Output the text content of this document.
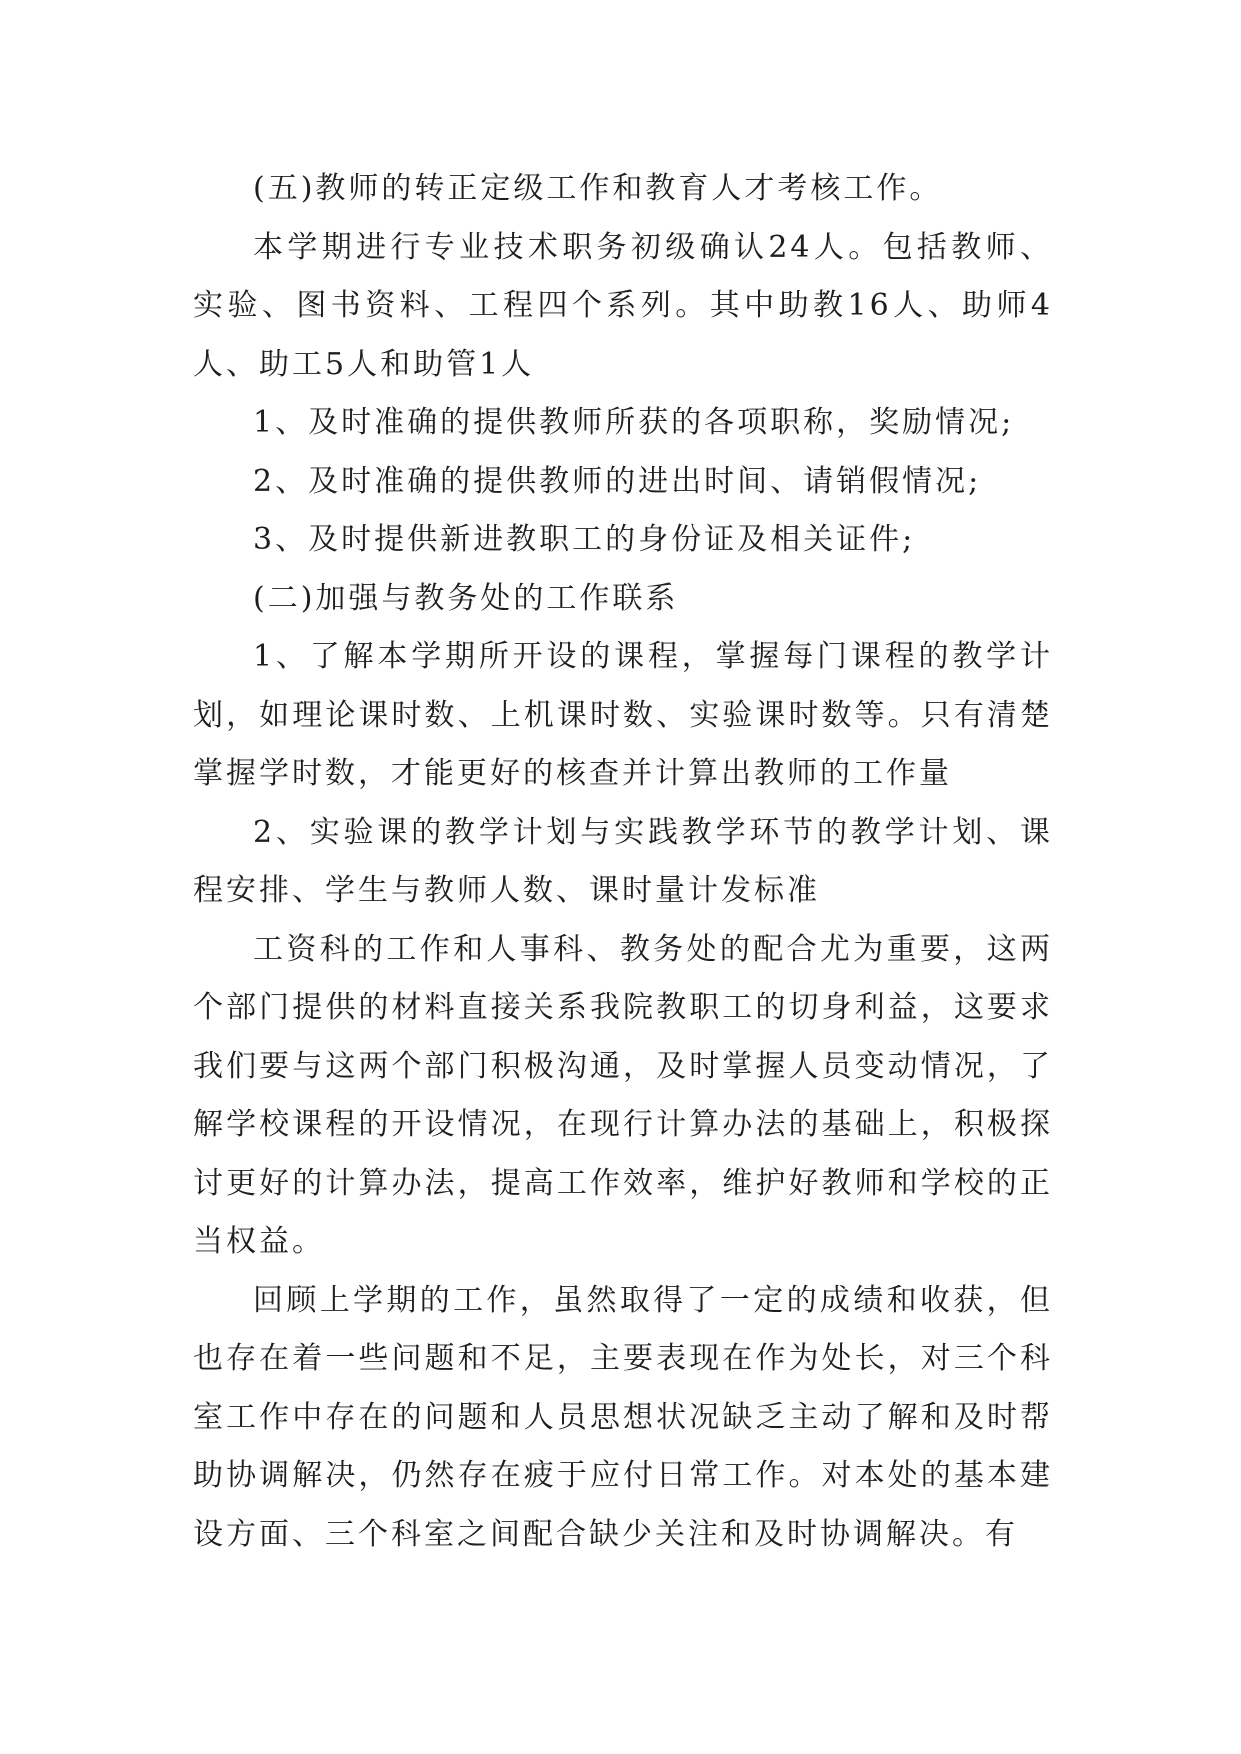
(五)教师的转正定级工作和教育人才考核工作。

本学期进行专业技术职务初级确认24人。包括教师、实验、图书资料、工程四个系列。其中助教16人、助师4人、助工5人和助管1人

1、及时准确的提供教师所获的各项职称，奖励情况;

2、及时准确的提供教师的进出时间、请销假情况;

3、及时提供新进教职工的身份证及相关证件;

(二)加强与教务处的工作联系

1、了解本学期所开设的课程，掌握每门课程的教学计划，如理论课时数、上机课时数、实验课时数等。只有清楚掌握学时数，才能更好的核查并计算出教师的工作量

2、实验课的教学计划与实践教学环节的教学计划、课程安排、学生与教师人数、课时量计发标准

工资科的工作和人事科、教务处的配合尤为重要，这两个部门提供的材料直接关系我院教职工的切身利益，这要求我们要与这两个部门积极沟通，及时掌握人员变动情况，了解学校课程的开设情况，在现行计算办法的基础上，积极探讨更好的计算办法，提高工作效率，维护好教师和学校的正当权益。

回顾上学期的工作，虽然取得了一定的成绩和收获，但也存在着一些问题和不足，主要表现在作为处长，对三个科室工作中存在的问题和人员思想状况缺乏主动了解和及时帮助协调解决，仍然存在疲于应付日常工作。对本处的基本建设方面、三个科室之间配合缺少关注和及时协调解决。有
